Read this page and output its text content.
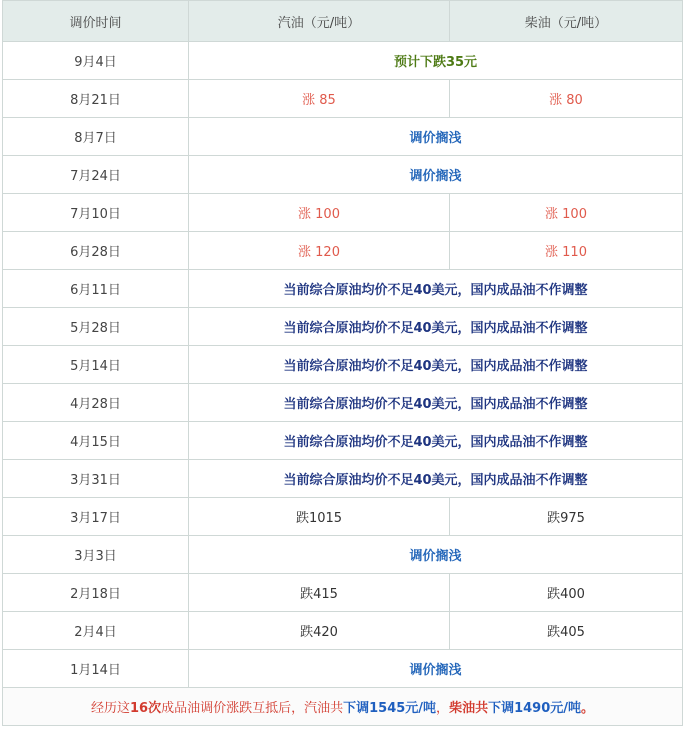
调价时间	汽油（元/吨）	柴油（元/吨）
9月4日	预计下跌35元	
8月21日	涨 85	涨 80
8月7日	调价搁浅	
7月24日	调价搁浅	
7月10日	涨 100	涨 100
6月28日	涨 120	涨 110
6月11日	当前综合原油均价不足40美元，国内成品油不作调整	
5月28日	当前综合原油均价不足40美元，国内成品油不作调整	
5月14日	当前综合原油均价不足40美元，国内成品油不作调整	
4月28日	当前综合原油均价不足40美元，国内成品油不作调整	
4月15日	当前综合原油均价不足40美元，国内成品油不作调整	
3月31日	当前综合原油均价不足40美元，国内成品油不作调整	
3月17日	跌1015	跌975
3月3日	调价搁浅	
2月18日	跌415	跌400
2月4日	跌420	跌405
1月14日	调价搁浅	
经历这16次成品油调价涨跌互抵后，汽油共下调1545元/吨，柴油共下调1490元/吨。		
